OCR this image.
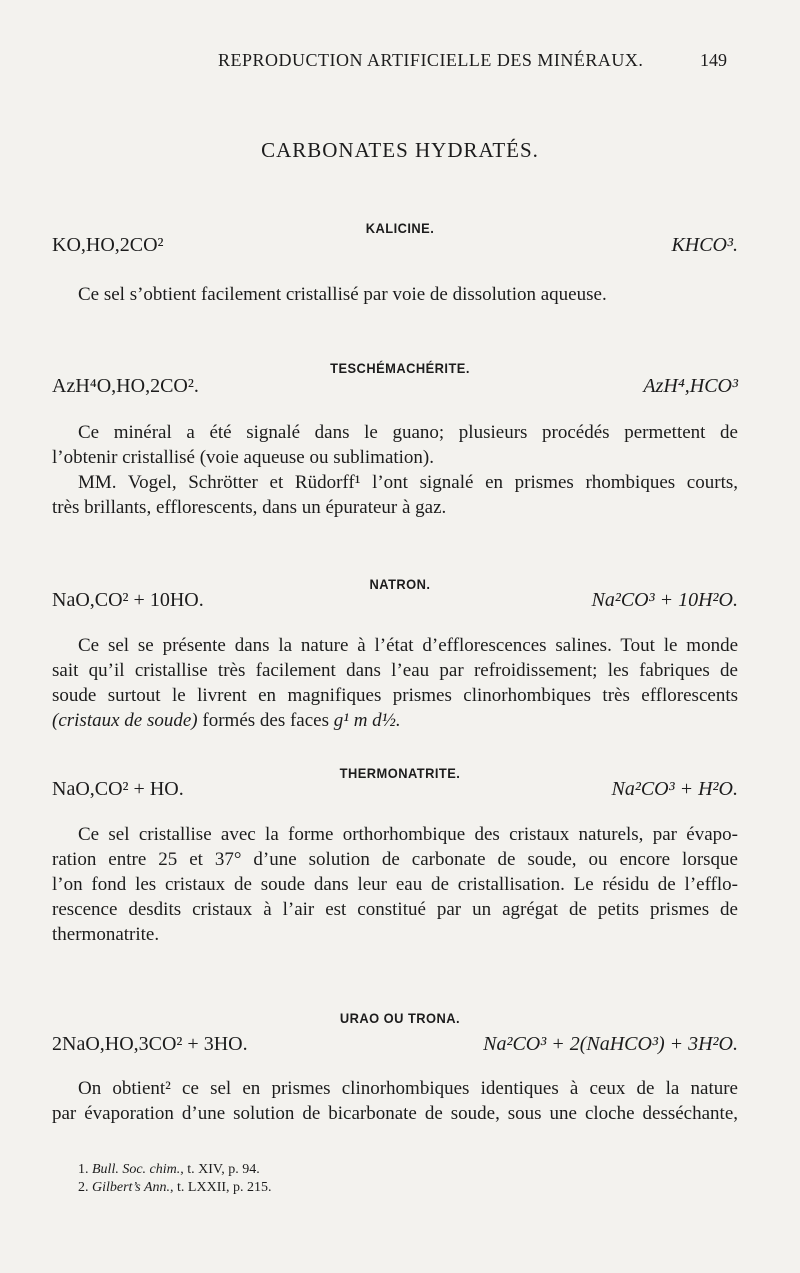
REPRODUCTION ARTIFICIELLE DES MINÉRAUX.	149
CARBONATES HYDRATÉS.
KALICINE.
KO,HO,2CO²	KHCO³.
Ce sel s’obtient facilement cristallisé par voie de dissolution aqueuse.
TESCHÉMACHÉRITE.
AzH⁴O,HO,2CO².	AzH⁴,HCO³
Ce minéral a été signalé dans le guano; plusieurs procédés permettent de
l’obtenir cristallisé (voie aqueuse ou sublimation).
MM. Vogel, Schrötter et Rüdorff¹ l’ont signalé en prismes rhombiques courts,
très brillants, efflorescents, dans un épurateur à gaz.
NATRON.
NaO,CO² + 10HO.	Na²CO³ + 10H²O.
Ce sel se présente dans la nature à l’état d’efflorescences salines. Tout le monde
sait qu’il cristallise très facilement dans l’eau par refroidissement; les fabriques de
soude surtout le livrent en magnifiques prismes clinorhombiques très efflorescents
(cristaux de soude) formés des faces g¹ m d½.
THERMONATRITE.
NaO,CO² + HO.	Na²CO³ + H²O.
Ce sel cristallise avec la forme orthorhombique des cristaux naturels, par évapo-
ration entre 25 et 37° d’une solution de carbonate de soude, ou encore lorsque
l’on fond les cristaux de soude dans leur eau de cristallisation. Le résidu de l’efflo-
rescence desdits cristaux à l’air est constitué par un agrégat de petits prismes de
thermonatrite.
URAO OU TRONA.
2NaO,HO,3CO² + 3HO.	Na²CO³ + 2(NaHCO³) + 3H²O.
On obtient² ce sel en prismes clinorhombiques identiques à ceux de la nature
par évaporation d’une solution de bicarbonate de soude, sous une cloche desséchante,
1. Bull. Soc. chim., t. XIV, p. 94.
2. Gilbert’s Ann., t. LXXII, p. 215.
